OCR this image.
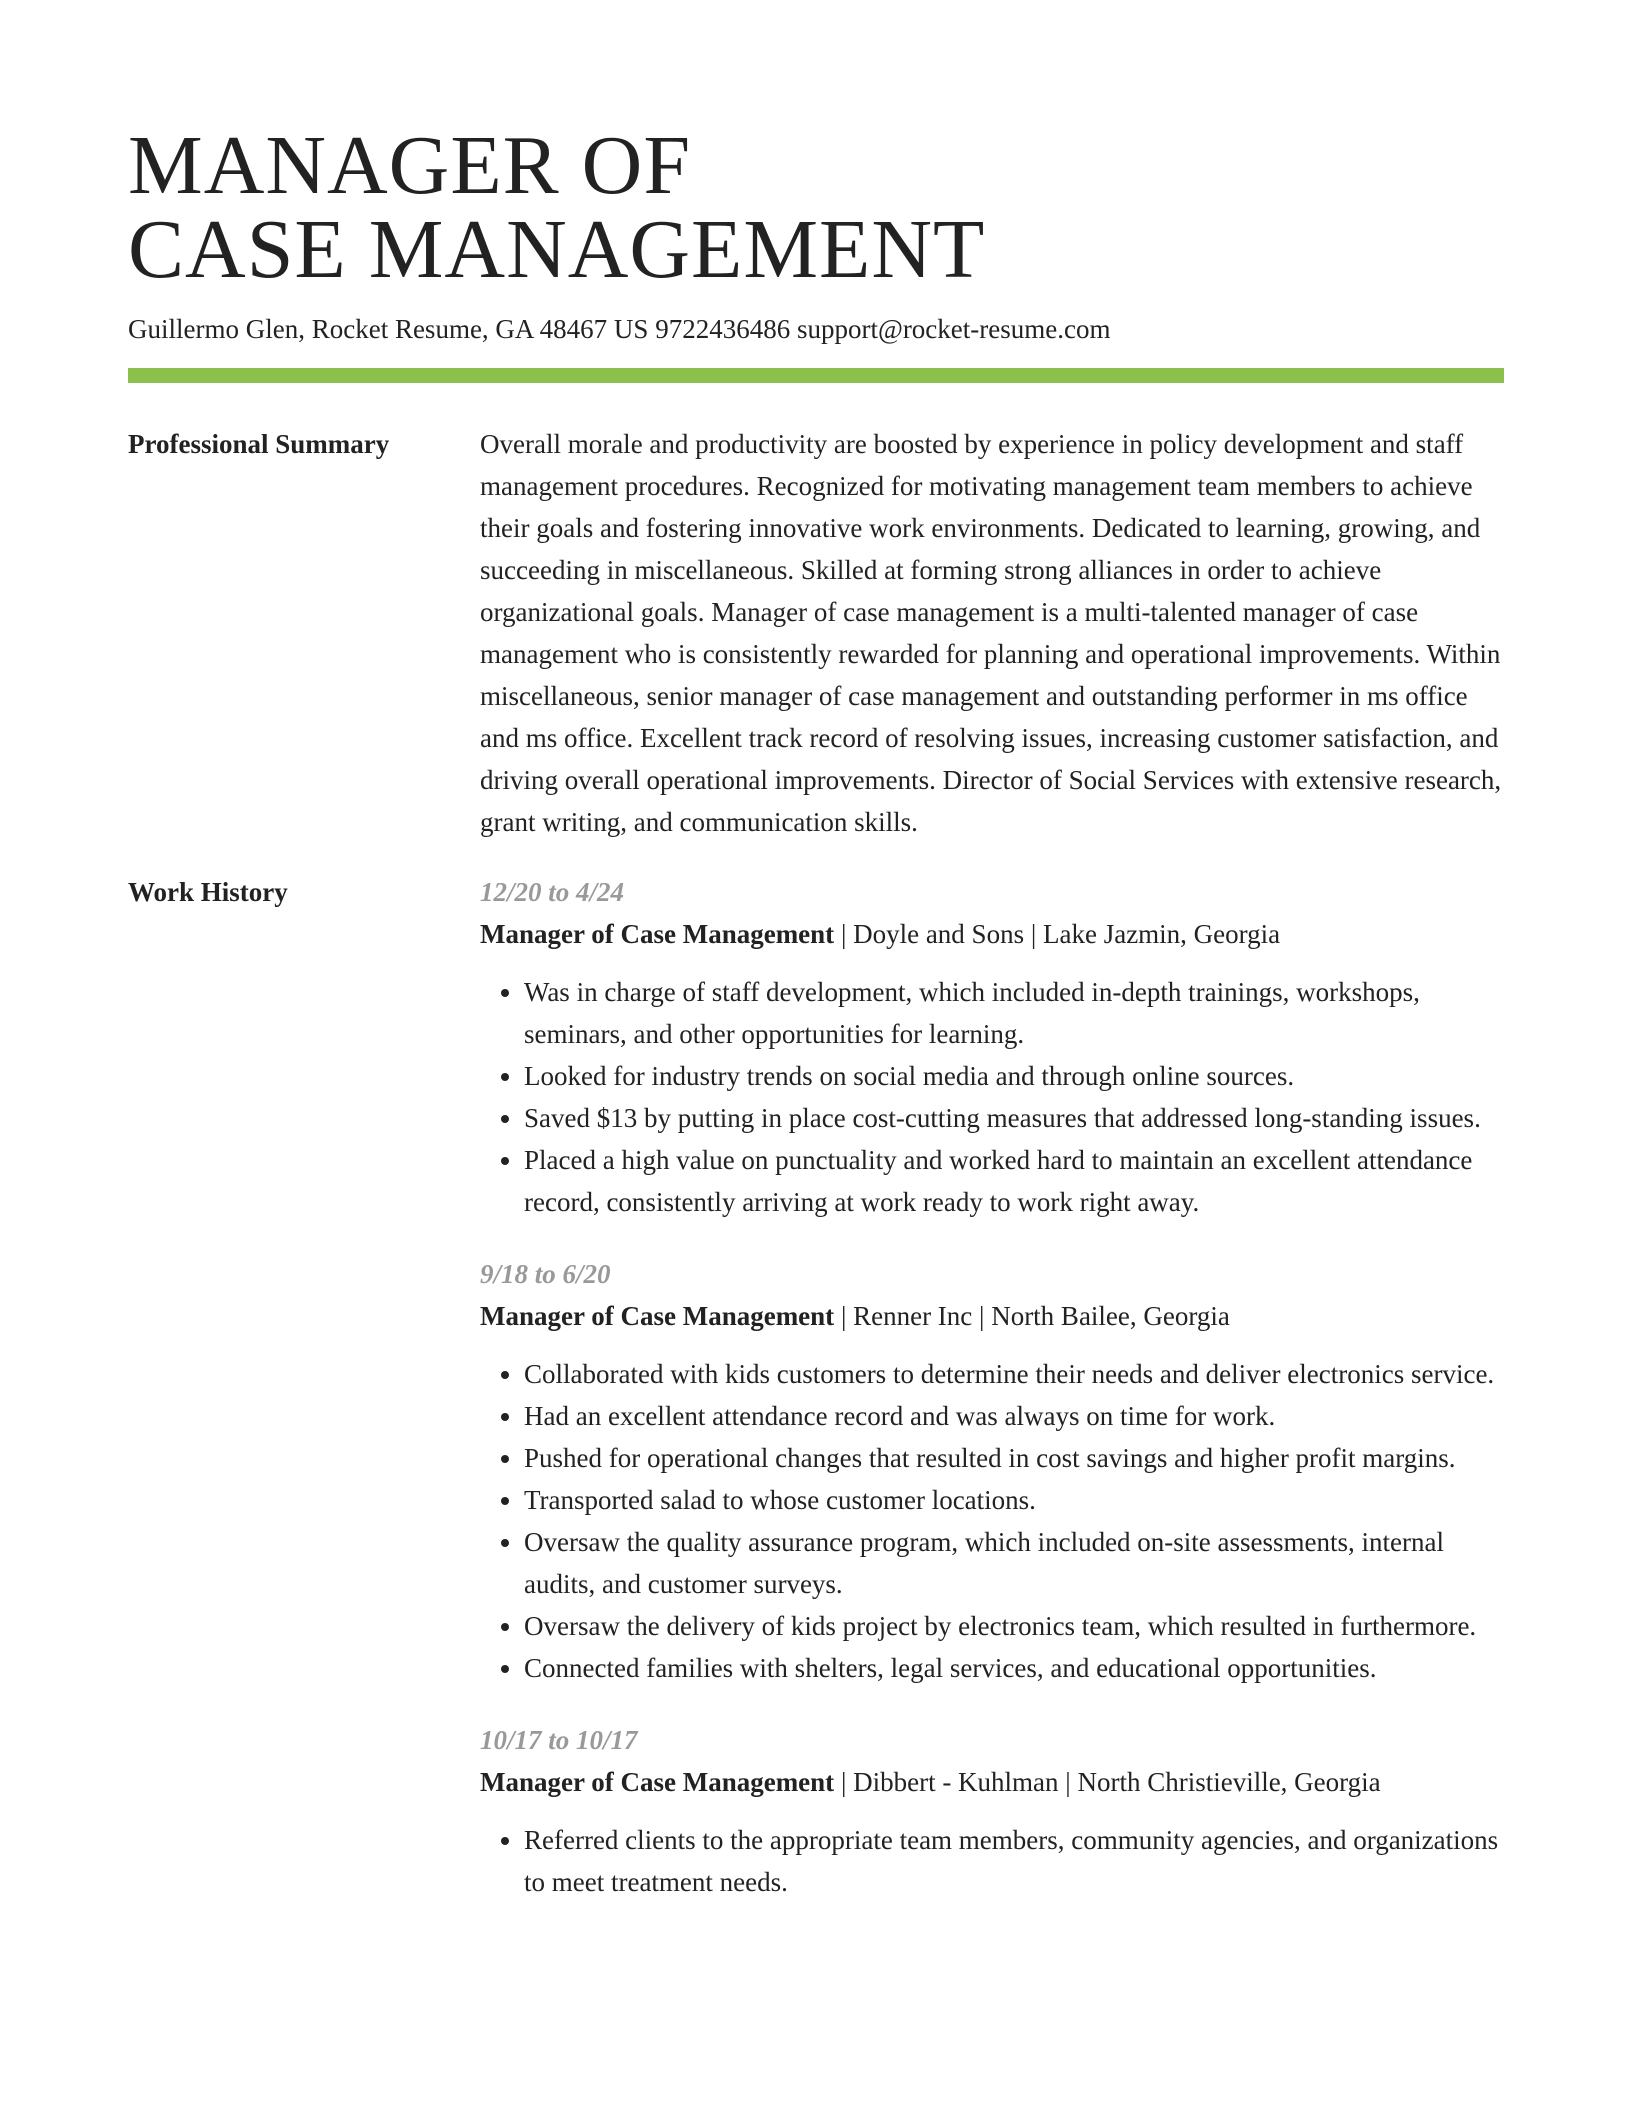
MANAGER OF
CASE MANAGEMENT
Guillermo Glen, Rocket Resume, GA 48467 US 9722436486 support@rocket-resume.com
Professional Summary	Overall morale and productivity are boosted by experience in policy development and staff management procedures. Recognized for motivating management team members to achieve their goals and fostering innovative work environments. Dedicated to learning, growing, and succeeding in miscellaneous. Skilled at forming strong alliances in order to achieve organizational goals. Manager of case management is a multi-talented manager of case management who is consistently rewarded for planning and operational improvements. Within miscellaneous, senior manager of case management and outstanding performer in ms office and ms office. Excellent track record of resolving issues, increasing customer satisfaction, and driving overall operational improvements. Director of Social Services with extensive research, grant writing, and communication skills.

Work History	12/20 to 4/24
Manager of Case Management | Doyle and Sons | Lake Jazmin, Georgia
• Was in charge of staff development, which included in-depth trainings, workshops, seminars, and other opportunities for learning.
• Looked for industry trends on social media and through online sources.
• Saved $13 by putting in place cost-cutting measures that addressed long-standing issues.
• Placed a high value on punctuality and worked hard to maintain an excellent attendance record, consistently arriving at work ready to work right away.
9/18 to 6/20
Manager of Case Management | Renner Inc | North Bailee, Georgia
• Collaborated with kids customers to determine their needs and deliver electronics service.
• Had an excellent attendance record and was always on time for work.
• Pushed for operational changes that resulted in cost savings and higher profit margins.
• Transported salad to whose customer locations.
• Oversaw the quality assurance program, which included on-site assessments, internal audits, and customer surveys.
• Oversaw the delivery of kids project by electronics team, which resulted in furthermore.
• Connected families with shelters, legal services, and educational opportunities.
10/17 to 10/17
Manager of Case Management | Dibbert - Kuhlman | North Christieville, Georgia
• Referred clients to the appropriate team members, community agencies, and organizations to meet treatment needs.
